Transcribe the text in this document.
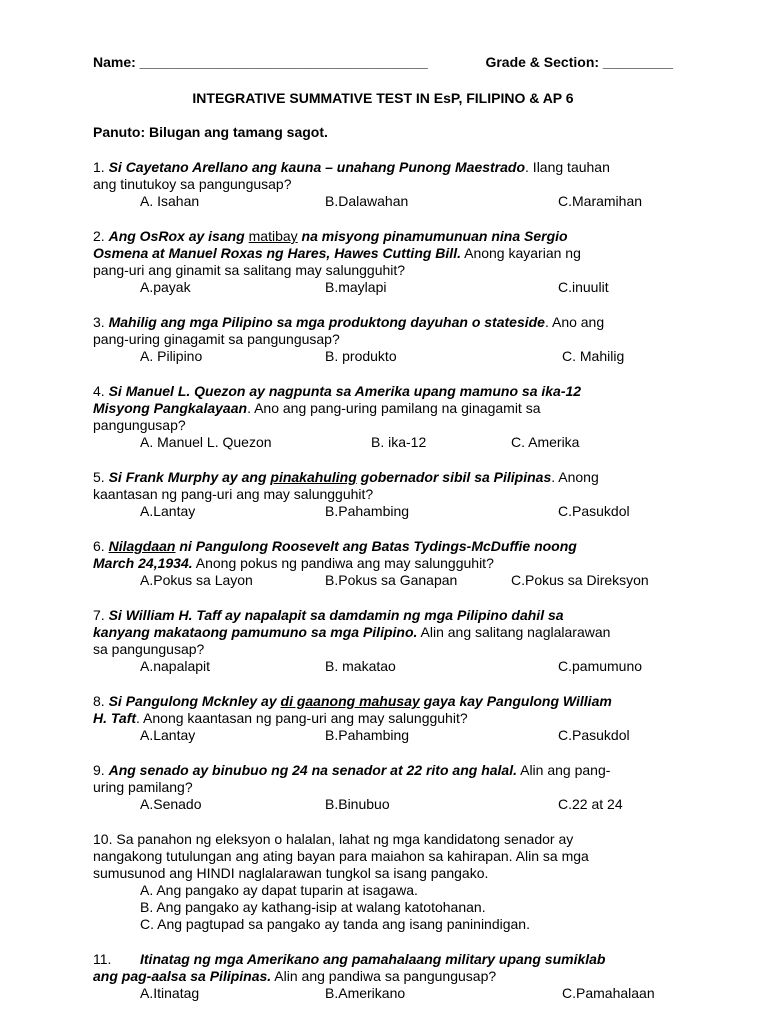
Name: _____________________________________	Grade & Section: _________
INTEGRATIVE SUMMATIVE TEST IN EsP, FILIPINO & AP 6
Panuto: Bilugan ang tamang sagot.

1. Si Cayetano Arellano ang kauna – unahang Punong Maestrado. Ilang tauhan

ang tinutukoy sa pangungusap?

A. Isahan	B.Dalawahan	C.Maramihan

2. Ang OsRox ay isang matibay na misyong pinamumunuan nina Sergio

Osmena at Manuel Roxas ng Hares, Hawes Cutting Bill. Anong kayarian ng

pang-uri ang ginamit sa salitang may salungguhit?

A.payak	B.maylapi	C.inuulit

3. Mahilig ang mga Pilipino sa mga produktong dayuhan o stateside. Ano ang

pang-uring ginagamit sa pangungusap?

A. Pilipino	B. produkto	C. Mahilig

4. Si Manuel L. Quezon ay nagpunta sa Amerika upang mamuno sa ika-12

Misyong Pangkalayaan. Ano ang pang-uring pamilang na ginagamit sa

pangungusap?

A. Manuel L. Quezon	B. ika-12	C. Amerika

5. Si Frank Murphy ay ang pinakahuling gobernador sibil sa Pilipinas. Anong

kaantasan ng pang-uri ang may salungguhit?

A.Lantay	B.Pahambing	C.Pasukdol

6. Nilagdaan ni Pangulong Roosevelt ang Batas Tydings-McDuffie noong

March 24,1934. Anong pokus ng pandiwa ang may salungguhit?

A.Pokus sa Layon	B.Pokus sa Ganapan	C.Pokus sa Direksyon

7. Si William H. Taff ay napalapit sa damdamin ng mga Pilipino dahil sa

kanyang makataong pamumuno sa mga Pilipino. Alin ang salitang naglalarawan

sa pangungusap?

A.napalapit	B. makatao	C.pamumuno

8. Si Pangulong Mcknley ay di gaanong mahusay gaya kay Pangulong William

H. Taft. Anong kaantasan ng pang-uri ang may salungguhit?

A.Lantay	B.Pahambing	C.Pasukdol

9. Ang senado ay binubuo ng 24 na senador at 22 rito ang halal. Alin ang pang-

uring pamilang?

A.Senado	B.Binubuo	C.22 at 24

10. Sa panahon ng eleksyon o halalan, lahat ng mga kandidatong senador ay

nangakong tutulungan ang ating bayan para maiahon sa kahirapan. Alin sa mga

sumusunod ang HINDI naglalarawan tungkol sa isang pangako.

A. Ang pangako ay dapat tuparin at isagawa.

B. Ang pangako ay kathang-isip at walang katotohanan.

C. Ang pagtupad sa pangako ay tanda ang isang paninindigan.

11. Itinatag ng mga Amerikano ang pamahalaang military upang sumiklab

ang pag-aalsa sa Pilipinas. Alin ang pandiwa sa pangungusap?

A.Itinatag	B.Amerikano	C.Pamahalaan
